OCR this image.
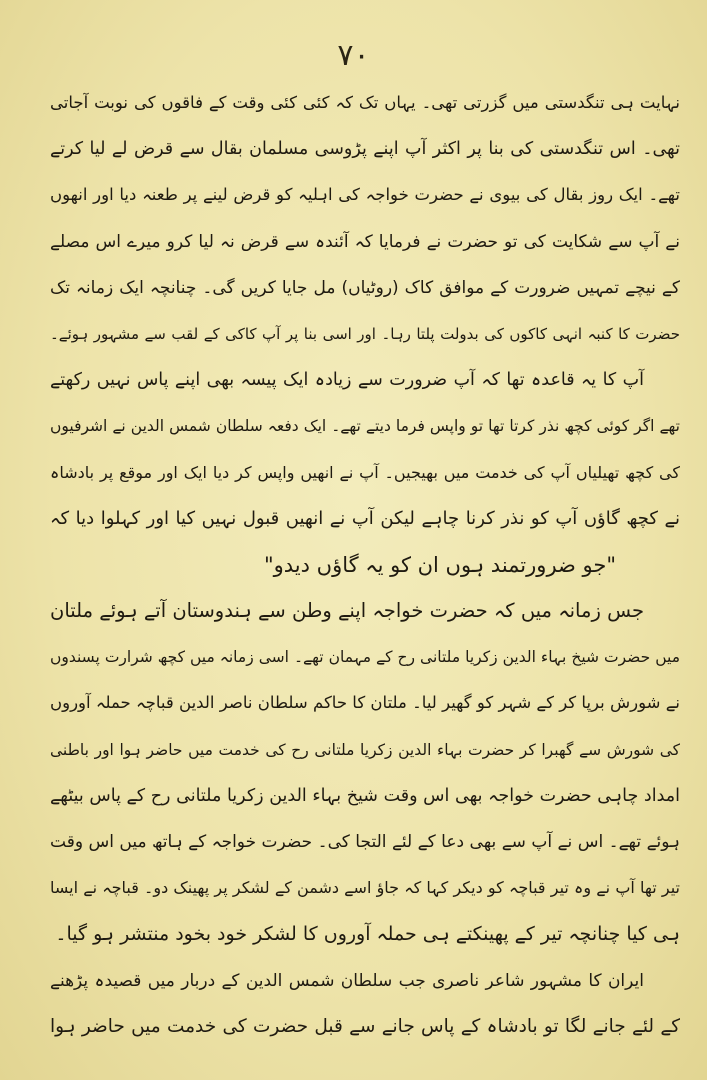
۷۰
نہایت ہی تنگدستی میں گزرتی تھی۔ یہاں تک کہ کئی کئی وقت کے فاقوں کی نوبت آجاتی
تھی۔ اس تنگدستی کی بنا پر اکثر آپ اپنے پڑوسی مسلمان بقال سے قرض لے لیا کرتے
تھے۔ ایک روز بقال کی بیوی نے حضرت خواجہ کی اہلیہ کو قرض لینے پر طعنہ دیا اور انھوں
نے آپ سے شکایت کی تو حضرت نے فرمایا کہ آئندہ سے قرض نہ لیا کرو میرے اس مصلے
کے نیچے تمہیں ضرورت کے موافق کاک (روٹیاں) مل جایا کریں گی۔ چنانچہ ایک زمانہ تک
حضرت کا کنبہ انہی کاکوں کی بدولت پلتا رہا۔ اور اسی بنا پر آپ کاکی کے لقب سے مشہور ہوئے۔
آپ کا یہ قاعدہ تھا کہ آپ ضرورت سے زیادہ ایک پیسہ بھی اپنے پاس نہیں رکھتے
تھے اگر کوئی کچھ نذر کرتا تھا تو واپس فرما دیتے تھے۔ ایک دفعہ سلطان شمس الدین نے اشرفیوں
کی کچھ تھیلیاں آپ کی خدمت میں بھیجیں۔ آپ نے انھیں واپس کر دیا ایک اور موقع پر بادشاہ
نے کچھ گاؤں آپ کو نذر کرنا چاہے لیکن آپ نے انھیں قبول نہیں کیا اور کہلوا دیا کہ
"جو ضرورتمند ہوں ان کو یہ گاؤں دیدو"
جس زمانہ میں کہ حضرت خواجہ اپنے وطن سے ہندوستان آتے ہوئے ملتان
میں حضرت شیخ بہاء الدین زکریا ملتانی رح کے مہمان تھے۔ اسی زمانہ میں کچھ شرارت پسندوں
نے شورش برپا کر کے شہر کو گھیر لیا۔ ملتان کا حاکم سلطان ناصر الدین قباچہ حملہ آوروں
کی شورش سے گھبرا کر حضرت بہاء الدین زکریا ملتانی رح کی خدمت میں حاضر ہوا اور باطنی
امداد چاہی حضرت خواجہ بھی اس وقت شیخ بہاء الدین زکریا ملتانی رح کے پاس بیٹھے
ہوئے تھے۔ اس نے آپ سے بھی دعا کے لئے التجا کی۔ حضرت خواجہ کے ہاتھ میں اس وقت
تیر تھا آپ نے وہ تیر قباچہ کو دیکر کہا کہ جاؤ اسے دشمن کے لشکر پر پھینک دو۔ قباچہ نے ایسا
ہی کیا چنانچہ تیر کے پھینکتے ہی حملہ آوروں کا لشکر خود بخود منتشر ہو گیا۔
ایران کا مشہور شاعر ناصری جب سلطان شمس الدین کے دربار میں قصیدہ پڑھنے
کے لئے جانے لگا تو بادشاہ کے پاس جانے سے قبل حضرت کی خدمت میں حاضر ہوا
